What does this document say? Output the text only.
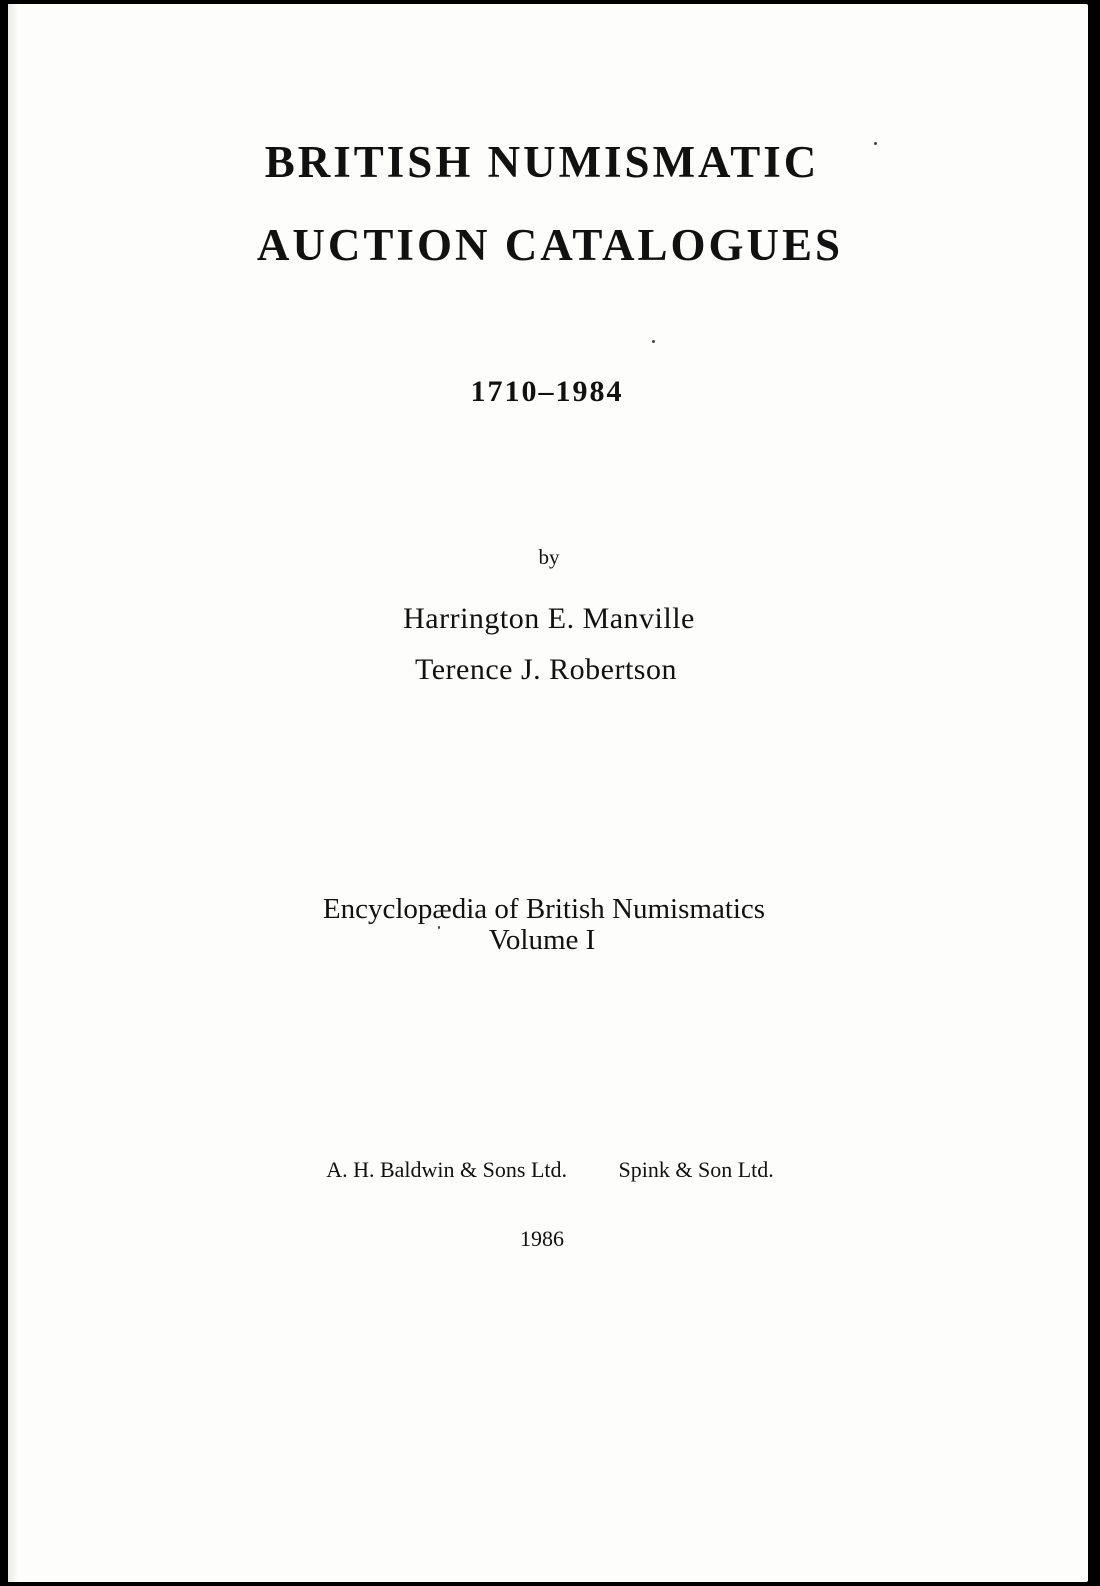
BRITISH NUMISMATIC
AUCTION CATALOGUES
1710–1984
by
Harrington E. Manville
Terence J. Robertson
Encyclopædia of British Numismatics
Volume I
A. H. Baldwin & Sons Ltd. Spink & Son Ltd.
1986
